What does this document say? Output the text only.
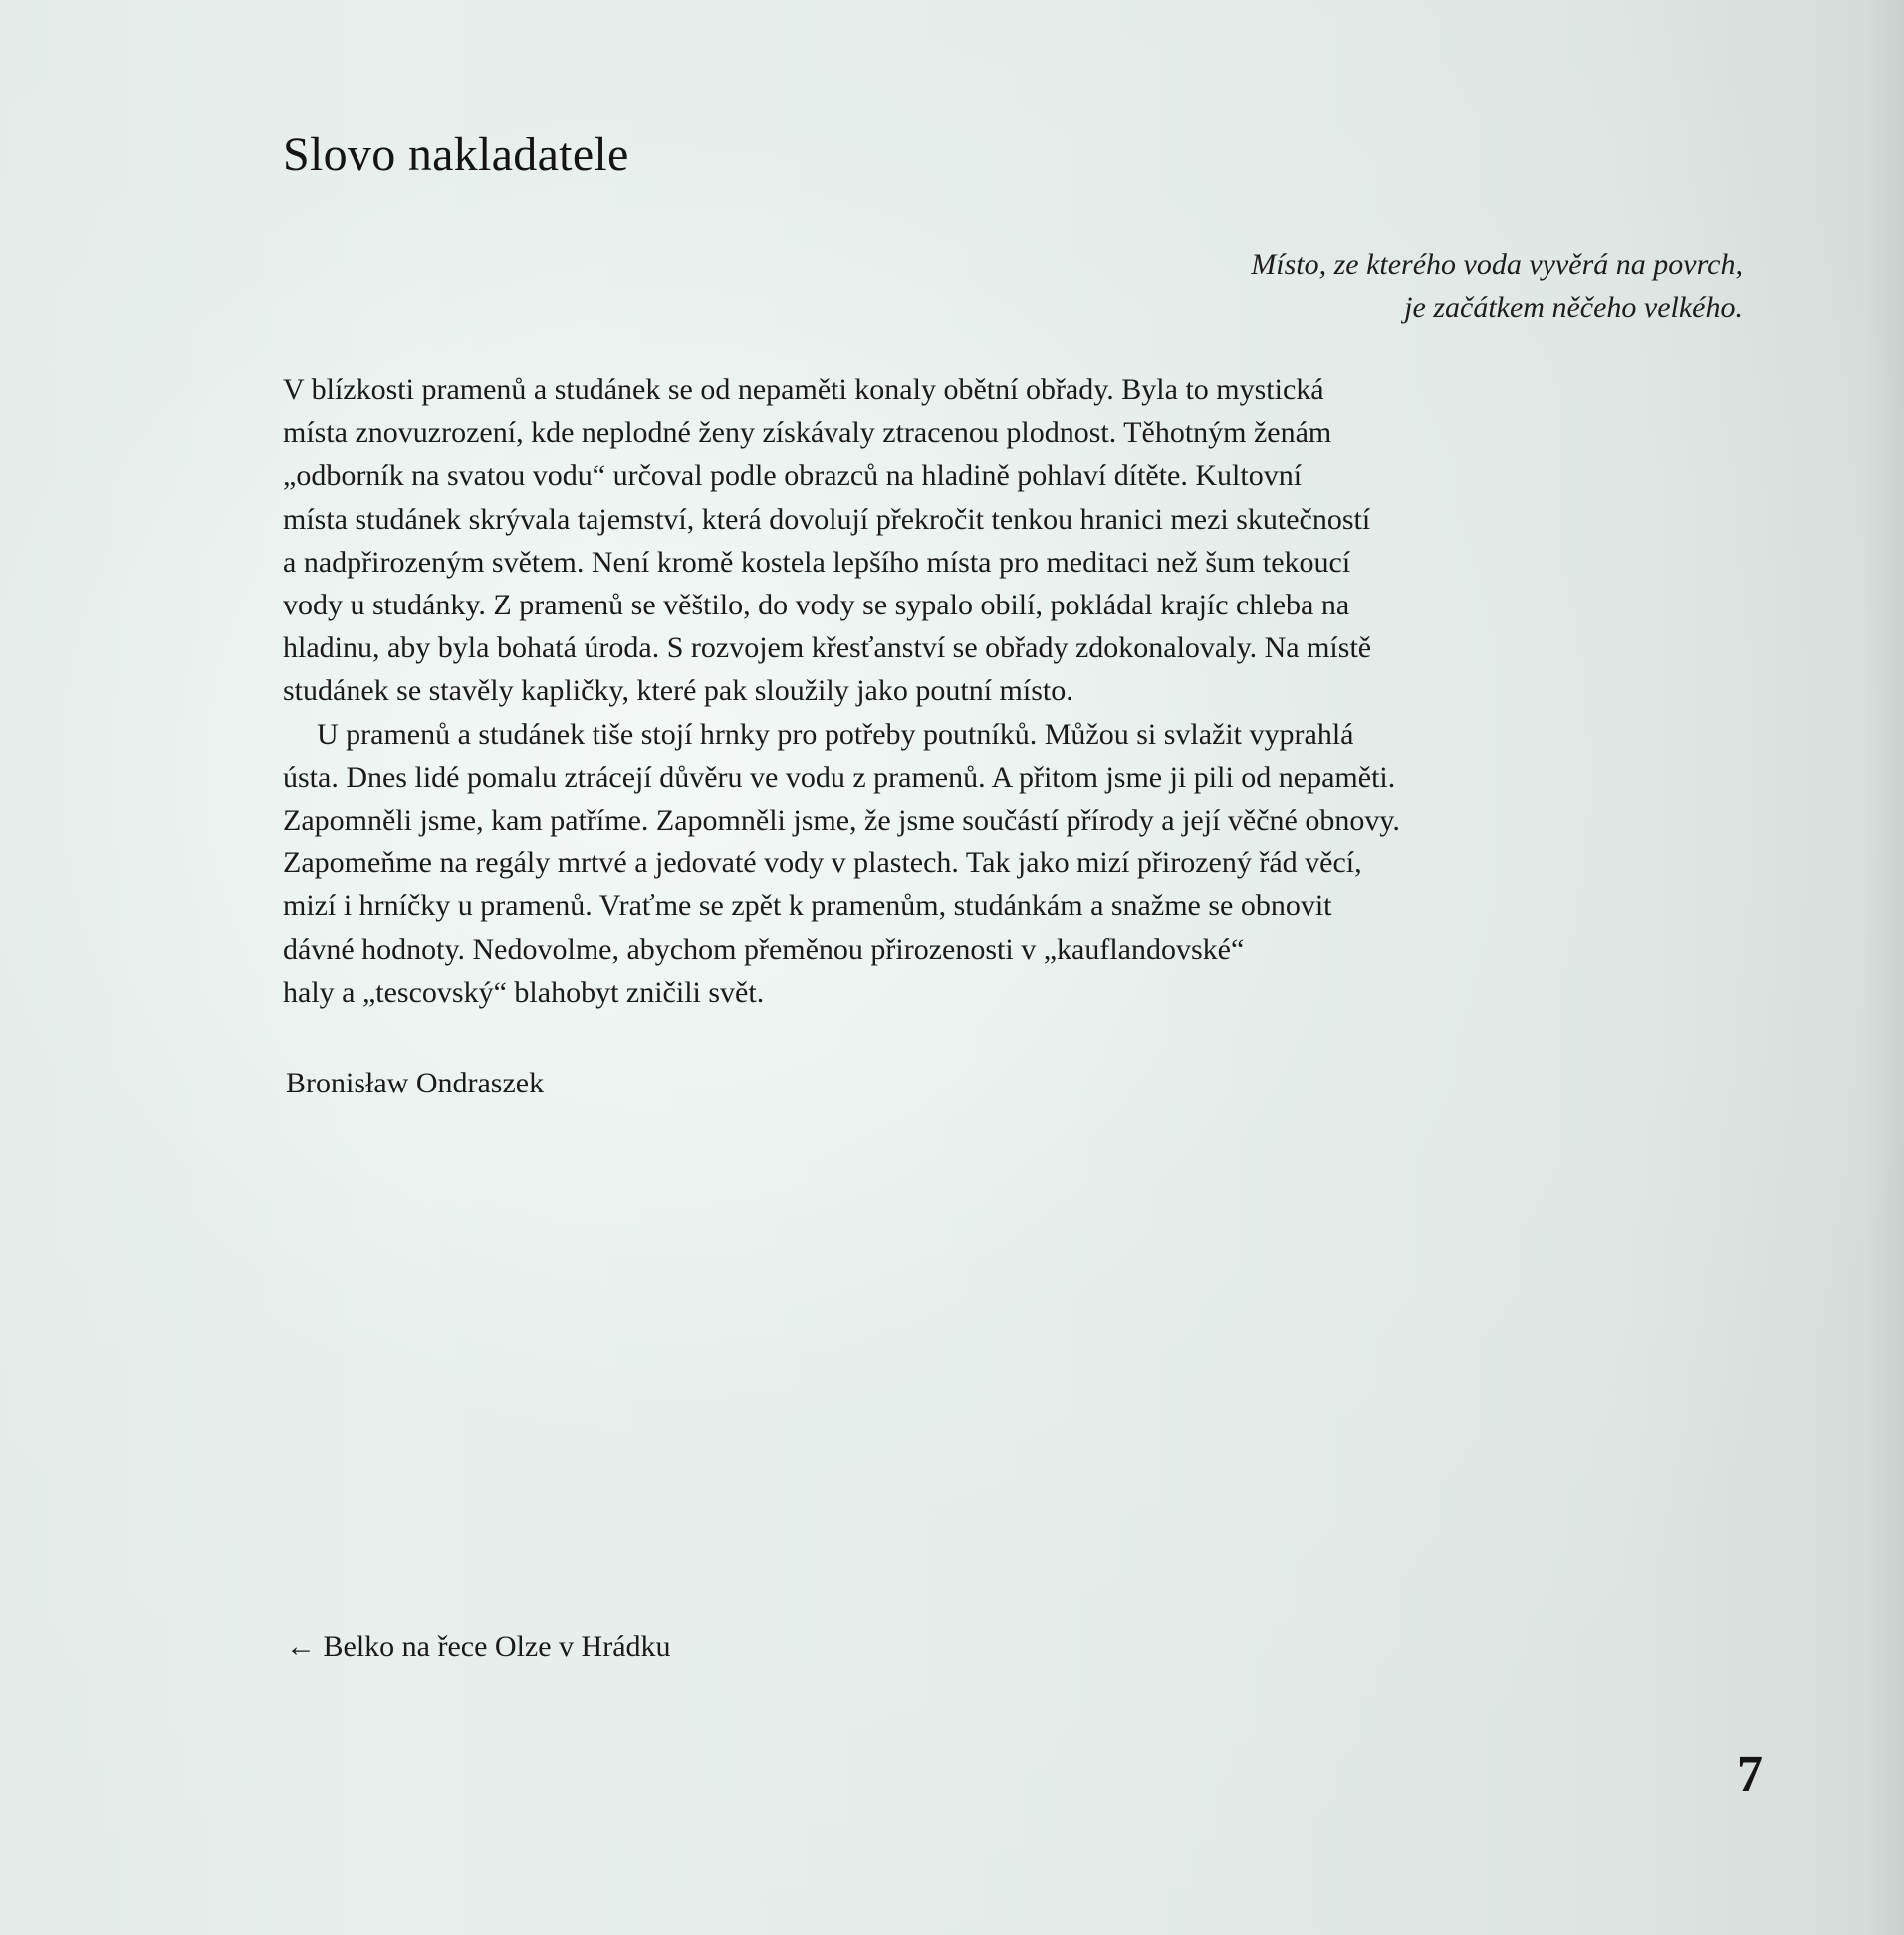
Slovo nakladatele
Místo, ze kterého voda vyvěrá na povrch,
je začátkem něčeho velkého.
V blízkosti pramenů a studánek se od nepaměti konaly obětní obřady. Byla to mystická
místa znovuzrození, kde neplodné ženy získávaly ztracenou plodnost. Těhotným ženám
„odborník na svatou vodu“ určoval podle obrazců na hladině pohlaví dítěte. Kultovní
místa studánek skrývala tajemství, která dovolují překročit tenkou hranici mezi skutečností
a nadpřirozeným světem. Není kromě kostela lepšího místa pro meditaci než šum tekoucí
vody u studánky. Z pramenů se věštilo, do vody se sypalo obilí, pokládal krajíc chleba na
hladinu, aby byla bohatá úroda. S rozvojem křesťanství se obřady zdokonalovaly. Na místě
studánek se stavěly kapličky, které pak sloužily jako poutní místo.
U pramenů a studánek tiše stojí hrnky pro potřeby poutníků. Můžou si svlažit vyprahlá
ústa. Dnes lidé pomalu ztrácejí důvěru ve vodu z pramenů. A přitom jsme ji pili od nepaměti.
Zapomněli jsme, kam patříme. Zapomněli jsme, že jsme součástí přírody a její věčné obnovy.
Zapomeňme na regály mrtvé a jedovaté vody v plastech. Tak jako mizí přirozený řád věcí,
mizí i hrníčky u pramenů. Vraťme se zpět k pramenům, studánkám a snažme se obnovit
dávné hodnoty. Nedovolme, abychom přeměnou přirozenosti v „kauflandovské“
haly a „tescovský“ blahobyt zničili svět.
Bronisław Ondraszek
← Belko na řece Olze v Hrádku
7
